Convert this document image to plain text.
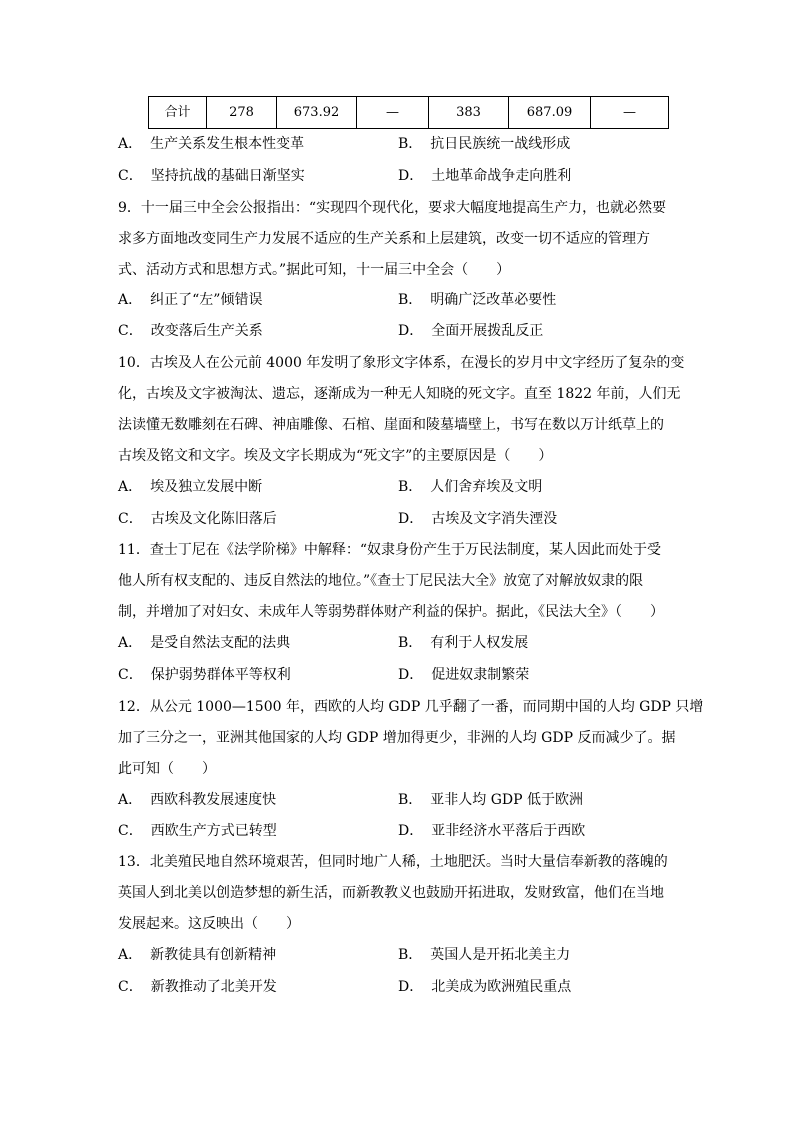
合计	278	673.92	—	383	687.09	—
A． 生产关系发生根本性变革	B． 抗日民族统一战线形成
C． 坚持抗战的基础日渐坚实	D． 土地革命战争走向胜利
9．十一届三中全会公报指出：“实现四个现代化，要求大幅度地提高生产力，也就必然要
求多方面地改变同生产力发展不适应的生产关系和上层建筑，改变一切不适应的管理方
式、活动方式和思想方式。”据此可知，十一届三中全会（　　）
A． 纠正了“左”倾错误	B． 明确广泛改革必要性
C． 改变落后生产关系	D． 全面开展拨乱反正
10．古埃及人在公元前 4000 年发明了象形文字体系，在漫长的岁月中文字经历了复杂的变
化，古埃及文字被淘汰、遗忘，逐渐成为一种无人知晓的死文字。直至 1822 年前，人们无
法读懂无数雕刻在石碑、神庙雕像、石棺、崖面和陵墓墙壁上，书写在数以万计纸草上的
古埃及铭文和文字。埃及文字长期成为“死文字”的主要原因是（　　）
A． 埃及独立发展中断	B． 人们舍弃埃及文明
C． 古埃及文化陈旧落后	D． 古埃及文字消失湮没
11．查士丁尼在《法学阶梯》中解释：“奴隶身份产生于万民法制度，某人因此而处于受
他人所有权支配的、违反自然法的地位。”《查士丁尼民法大全》放宽了对解放奴隶的限
制，并增加了对妇女、未成年人等弱势群体财产利益的保护。据此，《民法大全》（　　）
A． 是受自然法支配的法典	B． 有利于人权发展
C． 保护弱势群体平等权利	D． 促进奴隶制繁荣
12．从公元 1000—1500 年，西欧的人均 GDP 几乎翻了一番，而同期中国的人均 GDP 只增
加了三分之一，亚洲其他国家的人均 GDP 增加得更少，非洲的人均 GDP 反而减少了。据
此可知（　　）
A． 西欧科教发展速度快	B． 亚非人均 GDP 低于欧洲
C． 西欧生产方式已转型	D． 亚非经济水平落后于西欧
13．北美殖民地自然环境艰苦，但同时地广人稀，土地肥沃。当时大量信奉新教的落魄的
英国人到北美以创造梦想的新生活，而新教教义也鼓励开拓进取，发财致富，他们在当地
发展起来。这反映出（　　）
A． 新教徒具有创新精神	B． 英国人是开拓北美主力
C． 新教推动了北美开发	D． 北美成为欧洲殖民重点
